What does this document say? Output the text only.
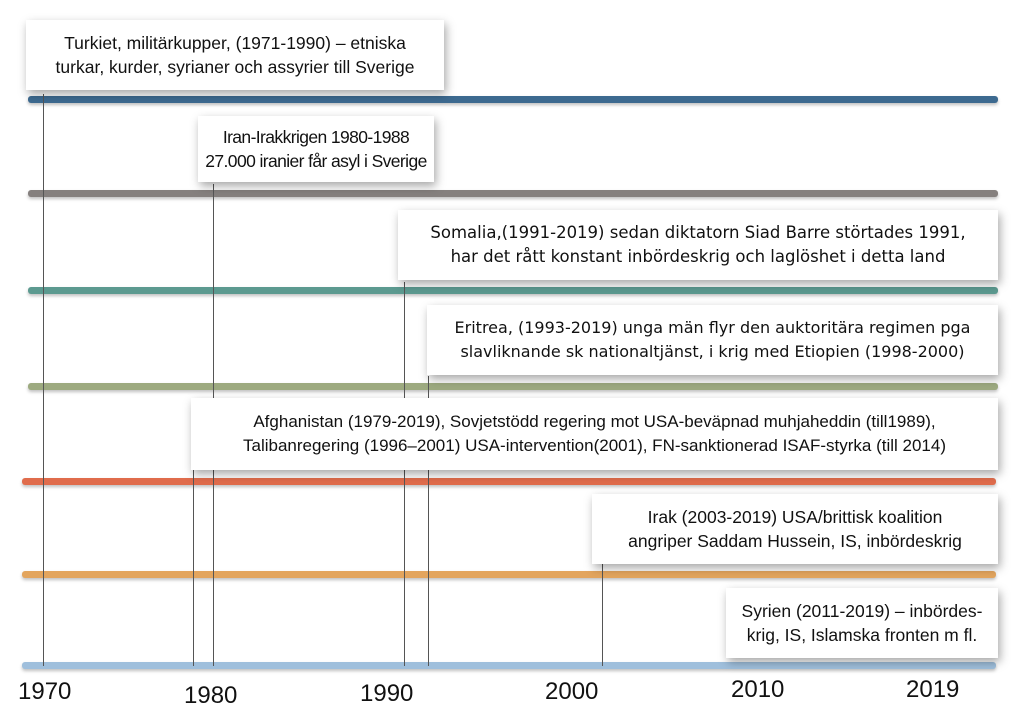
Turkiet, militärkupper, (1971-1990) – etniska
turkar, kurder, syrianer och assyrier till Sverige
Iran-Irakkrigen 1980-1988
27.000 iranier får asyl i Sverige
Somalia,(1991-2019) sedan diktatorn Siad Barre störtades 1991,
har det rått konstant inbördeskrig och laglöshet i detta land
Eritrea, (1993-2019) unga män flyr den auktoritära regimen pga
slavliknande sk nationaltjänst, i krig med Etiopien (1998-2000)
Afghanistan (1979-2019), Sovjetstödd regering mot USA-beväpnad muhjaheddin (till1989),
Talibanregering (1996–2001) USA-intervention(2001), FN-sanktionerad ISAF-styrka (till 2014)
Irak (2003-2019) USA/brittisk koalition
angriper Saddam Hussein, IS, inbördeskrig
Syrien (2011-2019) – inbördes-
krig, IS, Islamska fronten m fl.
1970	1980	1990	2000	2010	2019
